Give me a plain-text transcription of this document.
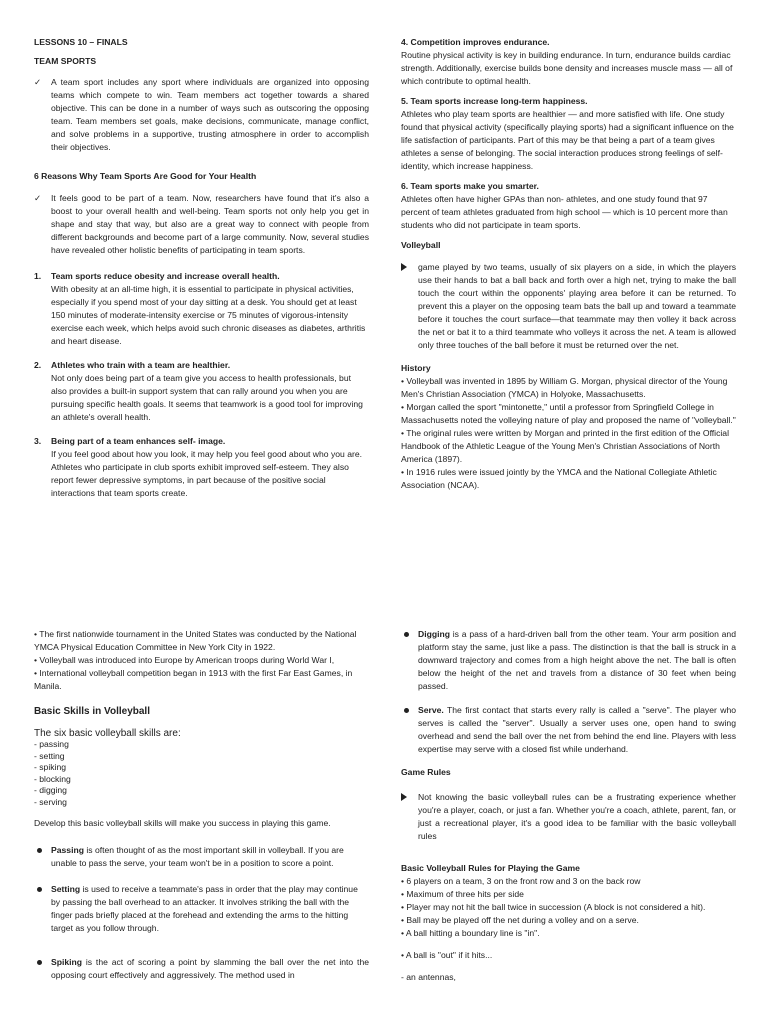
LESSONS 10 – FINALS
TEAM SPORTS
✓ A team sport includes any sport where individuals are organized into opposing teams which compete to win. Team members act together towards a shared objective. This can be done in a number of ways such as outscoring the opposing team. Team members set goals, make decisions, communicate, manage conflict, and solve problems in a supportive, trusting atmosphere in order to accomplish their objectives.
6 Reasons Why Team Sports Are Good for Your Health
✓ It feels good to be part of a team. Now, researchers have found that it's also a boost to your overall health and well-being. Team sports not only help you get in shape and stay that way, but also are a great way to connect with people from different backgrounds and become part of a large community. Now, several studies have revealed other holistic benefits of participating in team sports.
1. Team sports reduce obesity and increase overall health.
With obesity at an all-time high, it is essential to participate in physical activities, especially if you spend most of your day sitting at a desk. You should get at least 150 minutes of moderate-intensity exercise or 75 minutes of vigorous-intensity exercise each week, which helps avoid such chronic diseases as diabetes, arthritis and heart disease.
2. Athletes who train with a team are healthier.
Not only does being part of a team give you access to health professionals, but also provides a built-in support system that can rally around you when you are pursuing specific health goals. It seems that teamwork is a good tool for improving an athlete's overall health.
3. Being part of a team enhances self- image.
If you feel good about how you look, it may help you feel good about who you are. Athletes who participate in club sports exhibit improved self-esteem. They also report fewer depressive symptoms, in part because of the positive social interactions that team sports create.
4. Competition improves endurance.
Routine physical activity is key in building endurance. In turn, endurance builds cardiac strength. Additionally, exercise builds bone density and increases muscle mass — all of which contribute to optimal health.
5. Team sports increase long-term happiness.
Athletes who play team sports are healthier — and more satisfied with life. One study found that physical activity (specifically playing sports) had a significant influence on the life satisfaction of participants. Part of this may be that being a part of a team gives athletes a sense of belonging. The social interaction produces strong feelings of self- identity, which increase happiness.
6. Team sports make you smarter.
Athletes often have higher GPAs than non- athletes, and one study found that 97 percent of team athletes graduated from high school — which is 10 percent more than students who did not participate in team sports.
Volleyball
game played by two teams, usually of six players on a side, in which the players use their hands to bat a ball back and forth over a high net, trying to make the ball touch the court within the opponents' playing area before it can be returned. To prevent this a player on the opposing team bats the ball up and toward a teammate before it touches the court surface—that teammate may then volley it back across the net or bat it to a third teammate who volleys it across the net. A team is allowed only three touches of the ball before it must be returned over the net.
History
• Volleyball was invented in 1895 by William G. Morgan, physical director of the Young Men's Christian Association (YMCA) in Holyoke, Massachusetts.
• Morgan called the sport "mintonette," until a professor from Springfield College in Massachusetts noted the volleying nature of play and proposed the name of "volleyball."
• The original rules were written by Morgan and printed in the first edition of the Official Handbook of the Athletic League of the Young Men's Christian Associations of North America (1897).
• In 1916 rules were issued jointly by the YMCA and the National Collegiate Athletic Association (NCAA).
• The first nationwide tournament in the United States was conducted by the National YMCA Physical Education Committee in New York City in 1922.
• Volleyball was introduced into Europe by American troops during World War I,
• International volleyball competition began in 1913 with the first Far East Games, in Manila.
Basic Skills in Volleyball
The six basic volleyball skills are:
- passing
- setting
- spiking
- blocking
- digging
- serving
Develop this basic volleyball skills will make you success in playing this game.
Passing is often thought of as the most important skill in volleyball. If you are unable to pass the serve, your team won't be in a position to score a point.
Setting is used to receive a teammate's pass in order that the play may continue by passing the ball overhead to an attacker. It involves striking the ball with the finger pads briefly placed at the forehead and extending the arms to the hitting target as you follow through.
Spiking is the act of scoring a point by slamming the ball over the net into the opposing court effectively and aggressively. The method used in
Digging is a pass of a hard-driven ball from the other team. Your arm position and platform stay the same, just like a pass. The distinction is that the ball is struck in a downward trajectory and comes from a high height above the net. The ball is often below the height of the net and travels from a distance of 30 feet when being passed.
Serve. The first contact that starts every rally is called a "serve". The player who serves is called the "server". Usually a server uses one, open hand to swing overhead and send the ball over the net from behind the end line. Players with less expertise may serve with a closed fist while underhand.
Game Rules
Not knowing the basic volleyball rules can be a frustrating experience whether you're a player, coach, or just a fan. Whether you're a coach, athlete, parent, fan, or just a recreational player, it's a good idea to be familiar with the basic volleyball rules
Basic Volleyball Rules for Playing the Game
• 6 players on a team, 3 on the front row and 3 on the back row
• Maximum of three hits per side
• Player may not hit the ball twice in succession (A block is not considered a hit).
• Ball may be played off the net during a volley and on a serve.
• A ball hitting a boundary line is "in".
• A ball is "out" if it hits...
- an antennas,
